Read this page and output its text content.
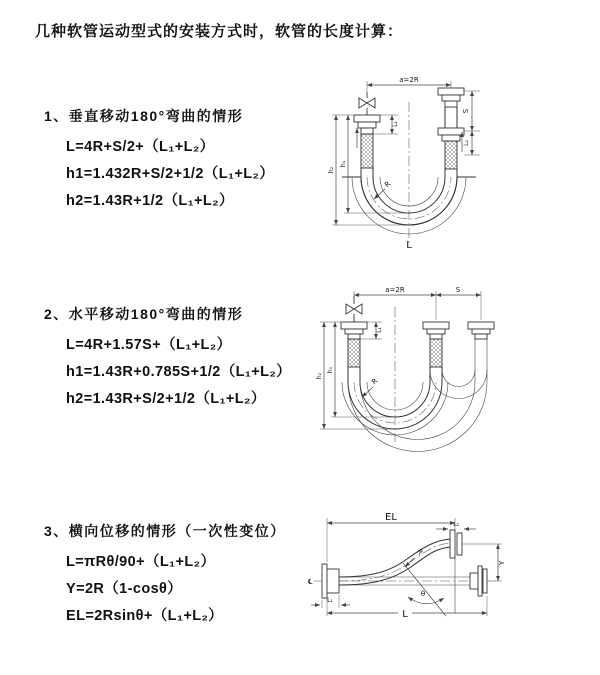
几种软管运动型式的安装方式时，软管的长度计算：
1、垂直移动180°弯曲的情形
L=4R+S/2+（L₁+L₂）
h1=1.432R+S/2+1/2（L₁+L₂）
h2=1.43R+1/2（L₁+L₂）
2、水平移动180°弯曲的情形
L=4R+1.57S+（L₁+L₂）
h1=1.43R+0.785S+1/2（L₁+L₂）
h2=1.43R+S/2+1/2（L₁+L₂）
3、横向位移的情形（一次性变位）
L=πRθ/90+（L₁+L₂）
Y=2R（1-cosθ）
EL=2Rsinθ+（L₁+L₂）
a=2R
S
L₂
h₁
h₂
L₁
R
L
a=2R	S
L₁
h₁
h₂
R
℄
EL
L₂
Y
L
L₁
R
θ
